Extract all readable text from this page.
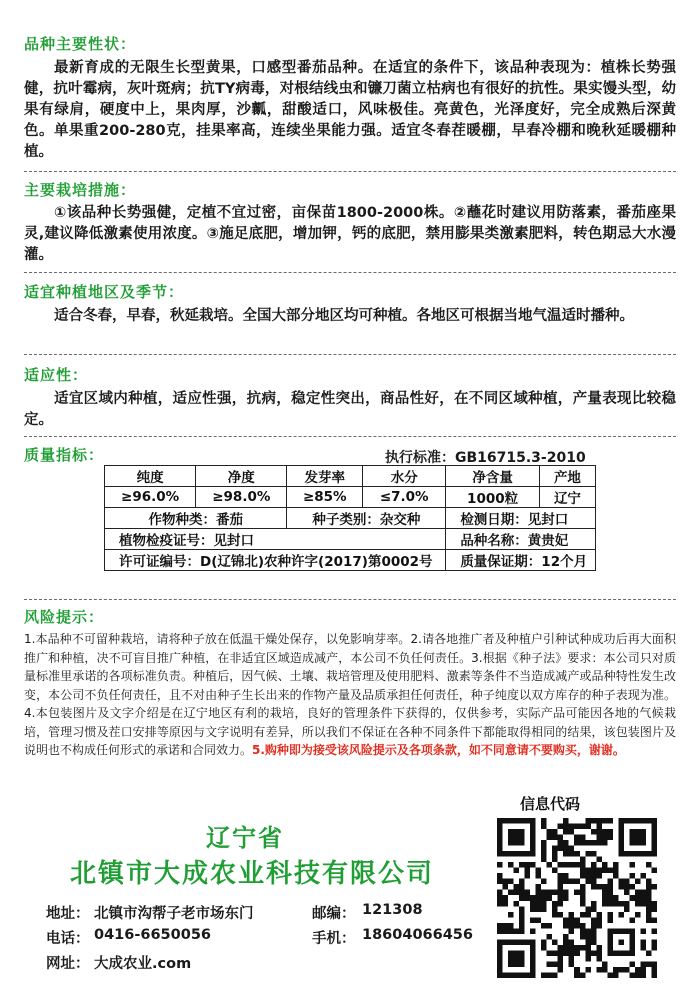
品种主要性状：
最新育成的无限生长型黄果，口感型番茄品种。在适宜的条件下，该品种表现为：植株长势强健，抗叶霉病，灰叶斑病；抗TY病毒，对根结线虫和镰刀菌立枯病也有很好的抗性。果实馒头型，幼果有绿肩，硬度中上，果肉厚，沙瓤，甜酸适口，风味极佳。亮黄色，光泽度好，完全成熟后深黄色。单果重200-280克，挂果率高，连续坐果能力强。适宜冬春茬暖棚，早春冷棚和晚秋延暖棚种植。
主要栽培措施：
①该品种长势强健，定植不宜过密，亩保苗1800-2000株。②蘸花时建议用防落素，番茄座果灵,建议降低激素使用浓度。③施足底肥，增加钾，钙的底肥，禁用膨果类激素肥料，转色期忌大水漫灌。
适宜种植地区及季节：
适合冬春，早春，秋延栽培。全国大部分地区均可种植。各地区可根据当地气温适时播种。
适应性：
适宜区域内种植，适应性强，抗病，稳定性突出，商品性好，在不同区域种植，产量表现比较稳定。
质量指标：	执行标准：GB16715.3-2010
纯度	净度	发芽率	水分	净含量	产地
≥96.0%	≥98.0%	≥85%	≤7.0%	1000粒	辽宁
作物种类：番茄		种子类别：杂交种		检测日期：见封口	
植物检疫证号：见封口				品种名称：黄贵妃	
许可证编号：D(辽锦北)农种许字(2017)第0002号				质量保证期：12个月	
风险提示：
1.本品种不可留种栽培，请将种子放在低温干燥处保存，以免影响芽率。2.请各地推广者及种植户引种试种成功后再大面积推广和种植，决不可盲目推广种植，在非适宜区域造成减产，本公司不负任何责任。3.根据《种子法》要求：本公司只对质量标准里承诺的各项标准负责。种植后，因气候、土壤、栽培管理及使用肥料、激素等条件不当造成减产或品种特性发生改变，本公司不负任何责任，且不对由种子生长出来的作物产量及品质承担任何责任，种子纯度以双方库存的种子表现为准。4.本包装图片及文字介绍是在辽宁地区有利的栽培，良好的管理条件下获得的，仅供参考，实际产品可能因各地的气候栽培，管理习惯及茬口安排等原因与文字说明有差异，所以我们不保证在各种不同条件下都能取得相同的结果，该包装图片及说明也不构成任何形式的承诺和合同效力。5.购种即为接受该风险提示及各项条款，如不同意请不要购买，谢谢。
信息代码
辽宁省
北镇市大成农业科技有限公司
地址： 北镇市沟帮子老市场东门	邮编： 121308
电话： 0416-6650056	手机： 18604066456
网址： 大成农业.com
